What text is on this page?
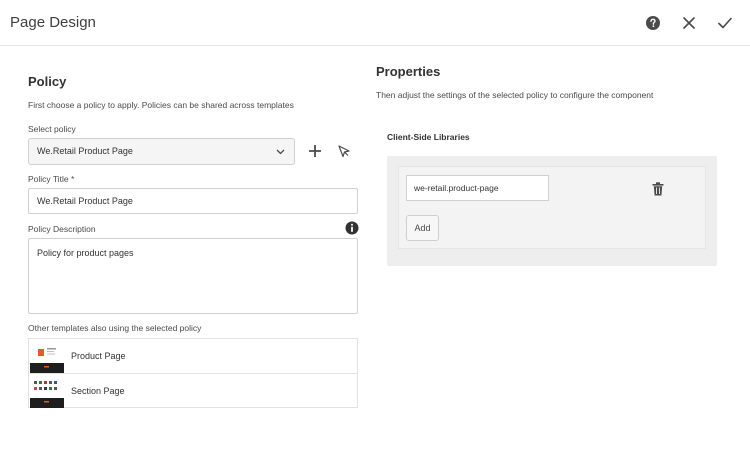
Page Design
Policy
First choose a policy to apply. Policies can be shared across templates
Select policy
We.Retail Product Page
Policy Title *
We.Retail Product Page
Policy Description
Policy for product pages
Other templates also using the selected policy
Product Page
Section Page
Properties
Then adjust the settings of the selected policy to configure the component
Client-Side Libraries
we-retail.product-page
Add
